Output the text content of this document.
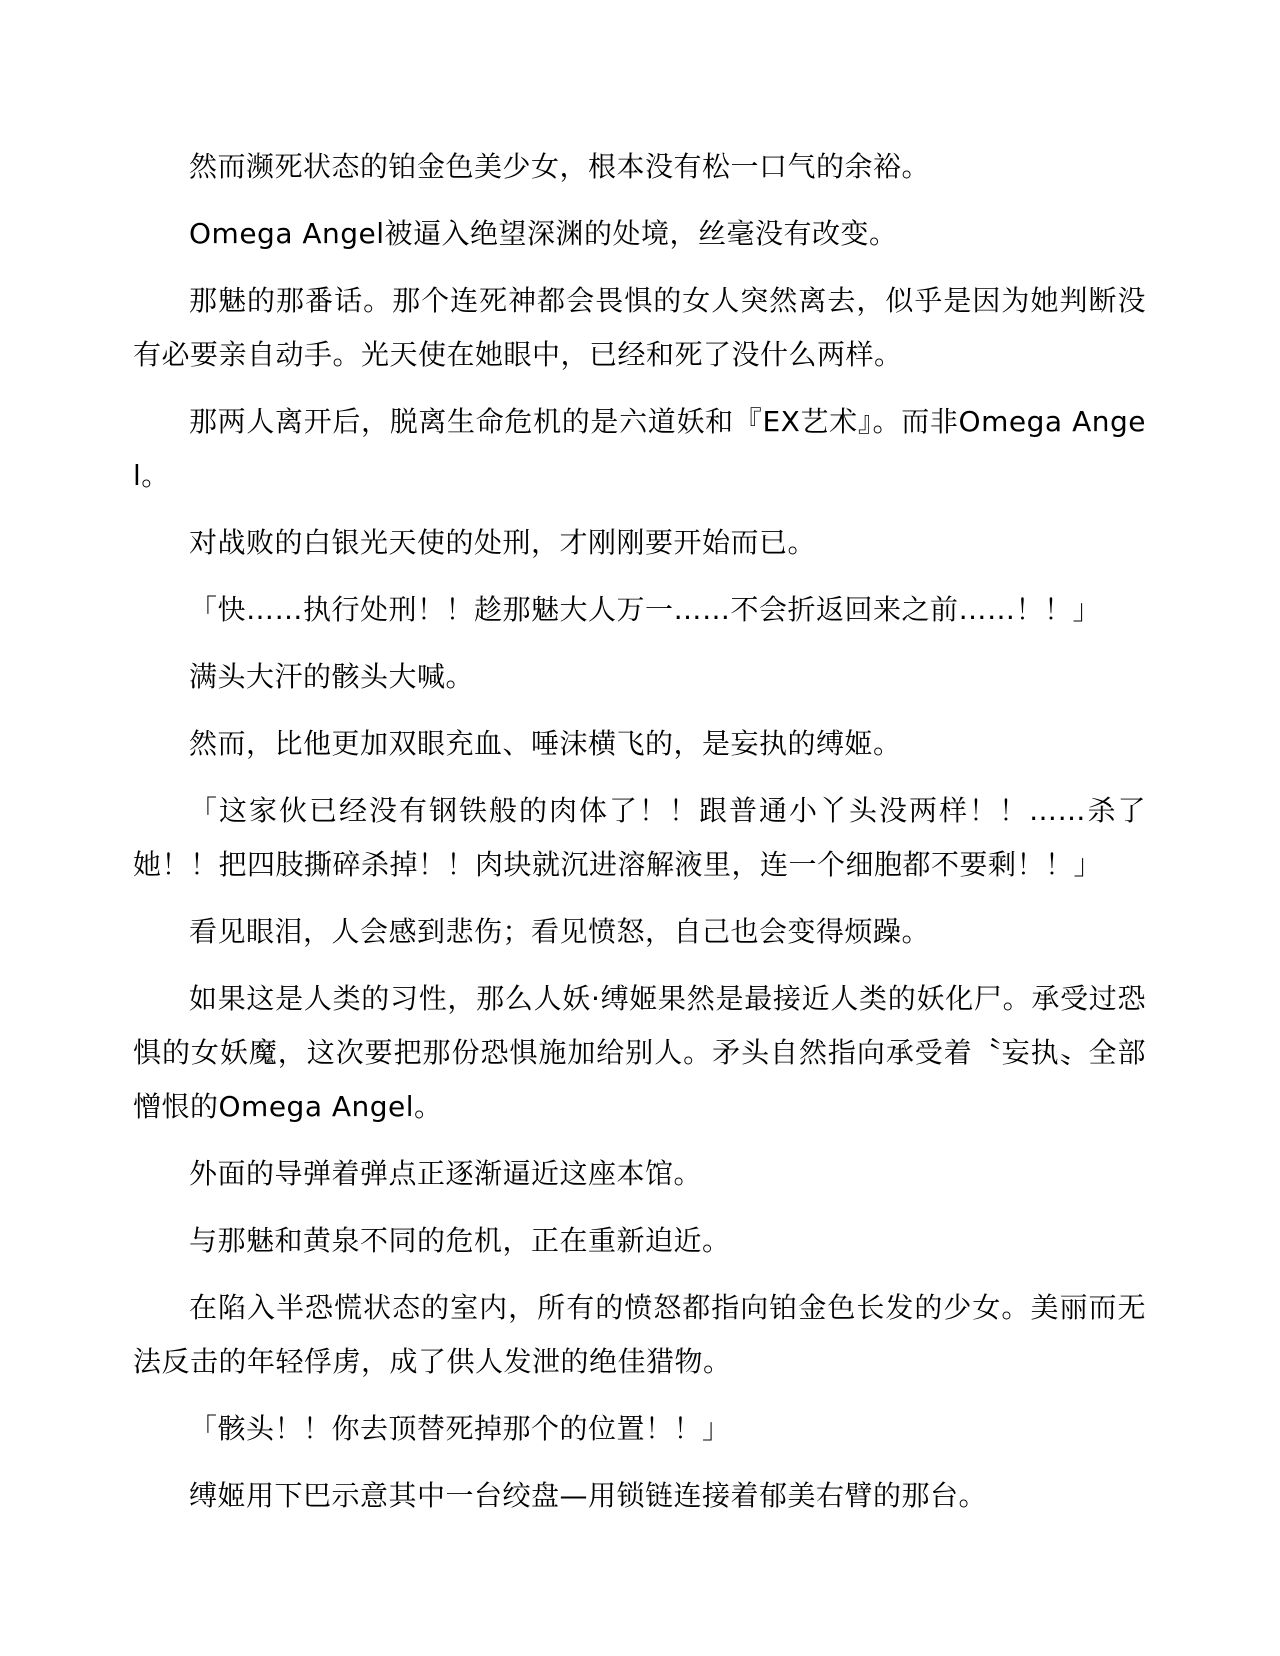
然而濒死状态的铂金色美少女，根本没有松一口气的余裕。

Omega Angel被逼入绝望深渊的处境，丝毫没有改变。

那魅的那番话。那个连死神都会畏惧的女人突然离去，似乎是因为她判断没有必要亲自动手。光天使在她眼中，已经和死了没什么两样。

那两人离开后，脱离生命危机的是六道妖和『EX艺术』。而非Omega Angel。

对战败的白银光天使的处刑，才刚刚要开始而已。

「快……执行处刑！！趁那魅大人万一……不会折返回来之前……！！」

满头大汗的骸头大喊。

然而，比他更加双眼充血、唾沫横飞的，是妄执的缚姬。

「这家伙已经没有钢铁般的肉体了！！跟普通小丫头没两样！！……杀了她！！把四肢撕碎杀掉！！肉块就沉进溶解液里，连一个细胞都不要剩！！」

看见眼泪，人会感到悲伤；看见愤怒，自己也会变得烦躁。

如果这是人类的习性，那么人妖·缚姬果然是最接近人类的妖化尸。承受过恐惧的女妖魔，这次要把那份恐惧施加给别人。矛头自然指向承受着〝妄执〟全部憎恨的Omega Angel。

外面的导弹着弹点正逐渐逼近这座本馆。

与那魅和黄泉不同的危机，正在重新迫近。

在陷入半恐慌状态的室内，所有的愤怒都指向铂金色长发的少女。美丽而无法反击的年轻俘虏，成了供人发泄的绝佳猎物。

「骸头！！你去顶替死掉那个的位置！！」

缚姬用下巴示意其中一台绞盘—用锁链连接着郁美右臂的那台。
